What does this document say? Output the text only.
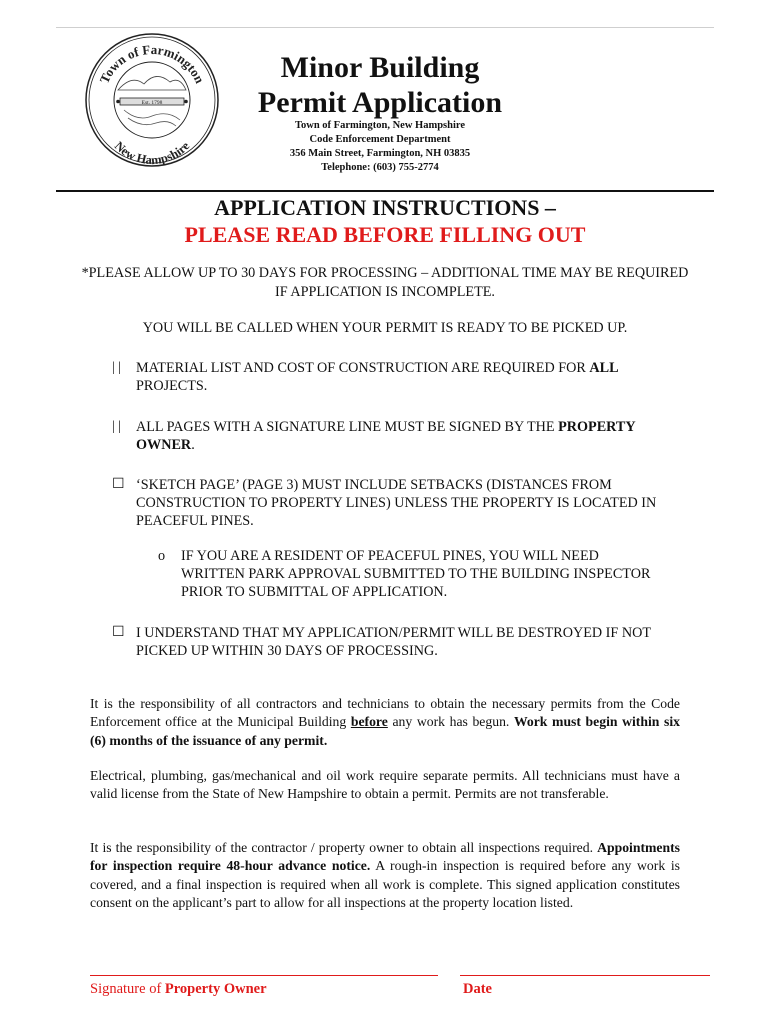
Town of Farmington
New Hampshire
Est. 1798
Minor Building
Permit Application
Town of Farmington, New Hampshire
Code Enforcement Department
356 Main Street, Farmington, NH 03835
Telephone: (603) 755-2774
APPLICATION INSTRUCTIONS –
PLEASE READ BEFORE FILLING OUT
*PLEASE ALLOW UP TO 30 DAYS FOR PROCESSING – ADDITIONAL TIME MAY BE REQUIRED IF APPLICATION IS INCOMPLETE.
YOU WILL BE CALLED WHEN YOUR PERMIT IS READY TO BE PICKED UP.
| | MATERIAL LIST AND COST OF CONSTRUCTION ARE REQUIRED FOR ALL PROJECTS.
| | ALL PAGES WITH A SIGNATURE LINE MUST BE SIGNED BY THE PROPERTY OWNER.
☐ ‘SKETCH PAGE’ (PAGE 3) MUST INCLUDE SETBACKS (DISTANCES FROM CONSTRUCTION TO PROPERTY LINES) UNLESS THE PROPERTY IS LOCATED IN PEACEFUL PINES.
o IF YOU ARE A RESIDENT OF PEACEFUL PINES, YOU WILL NEED WRITTEN PARK APPROVAL SUBMITTED TO THE BUILDING INSPECTOR PRIOR TO SUBMITTAL OF APPLICATION.
☐ I UNDERSTAND THAT MY APPLICATION/PERMIT WILL BE DESTROYED IF NOT PICKED UP WITHIN 30 DAYS OF PROCESSING.
It is the responsibility of all contractors and technicians to obtain the necessary permits from the Code Enforcement office at the Municipal Building before any work has begun. Work must begin within six (6) months of the issuance of any permit.
Electrical, plumbing, gas/mechanical and oil work require separate permits. All technicians must have a valid license from the State of New Hampshire to obtain a permit. Permits are not transferable.
It is the responsibility of the contractor / property owner to obtain all inspections required. Appointments for inspection require 48-hour advance notice. A rough-in inspection is required before any work is covered, and a final inspection is required when all work is complete. This signed application constitutes consent on the applicant’s part to allow for all inspections at the property location listed.
Signature of Property Owner	Date
